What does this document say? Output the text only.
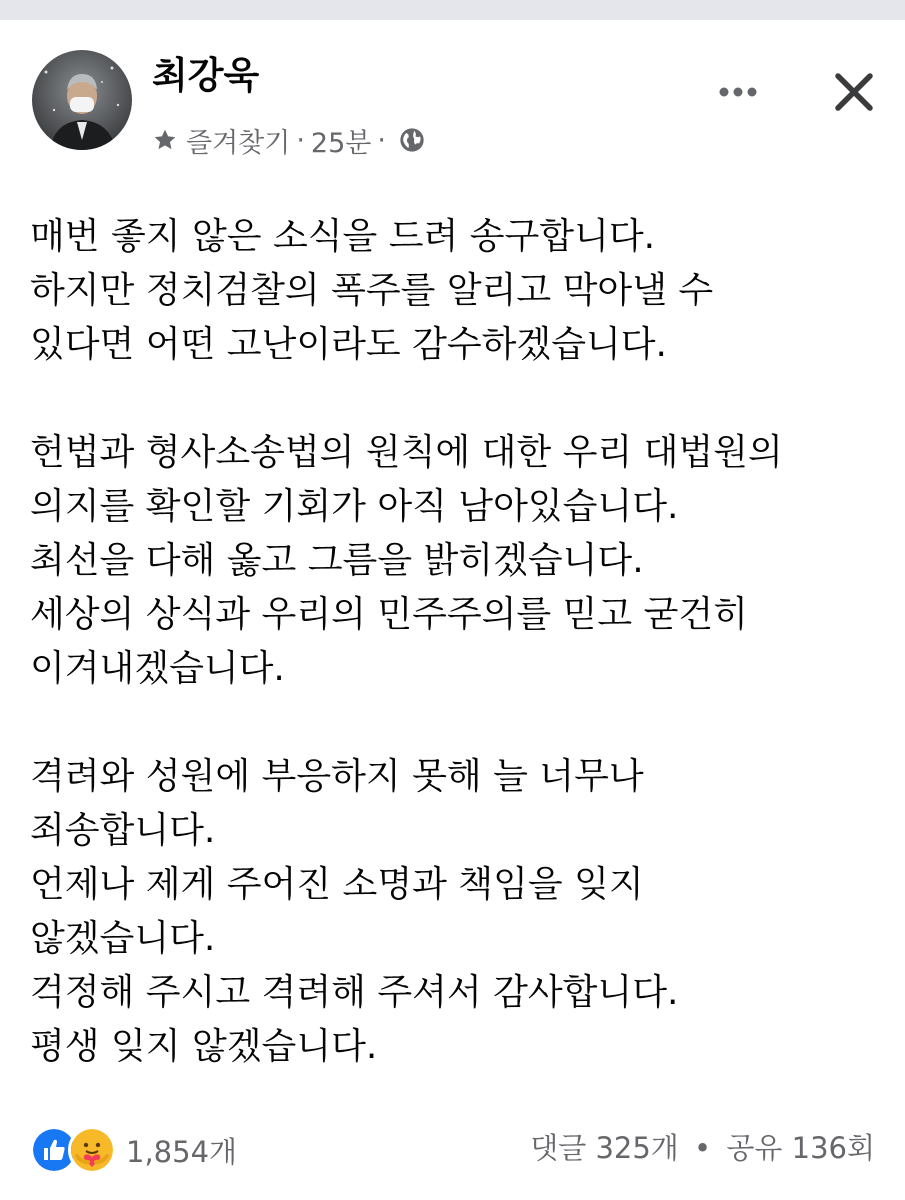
최강욱
즐겨찾기 · 25분 ·
매번 좋지 않은 소식을 드려 송구합니다.
하지만 정치검찰의 폭주를 알리고 막아낼 수
있다면 어떤 고난이라도 감수하겠습니다.
헌법과 형사소송법의 원칙에 대한 우리 대법원의
의지를 확인할 기회가 아직 남아있습니다.
최선을 다해 옳고 그름을 밝히겠습니다.
세상의 상식과 우리의 민주주의를 믿고 굳건히
이겨내겠습니다.
격려와 성원에 부응하지 못해 늘 너무나
죄송합니다.
언제나 제게 주어진 소명과 책임을 잊지
않겠습니다.
걱정해 주시고 격려해 주셔서 감사합니다.
평생 잊지 않겠습니다.
1,854개	댓글 325개 • 공유 136회
